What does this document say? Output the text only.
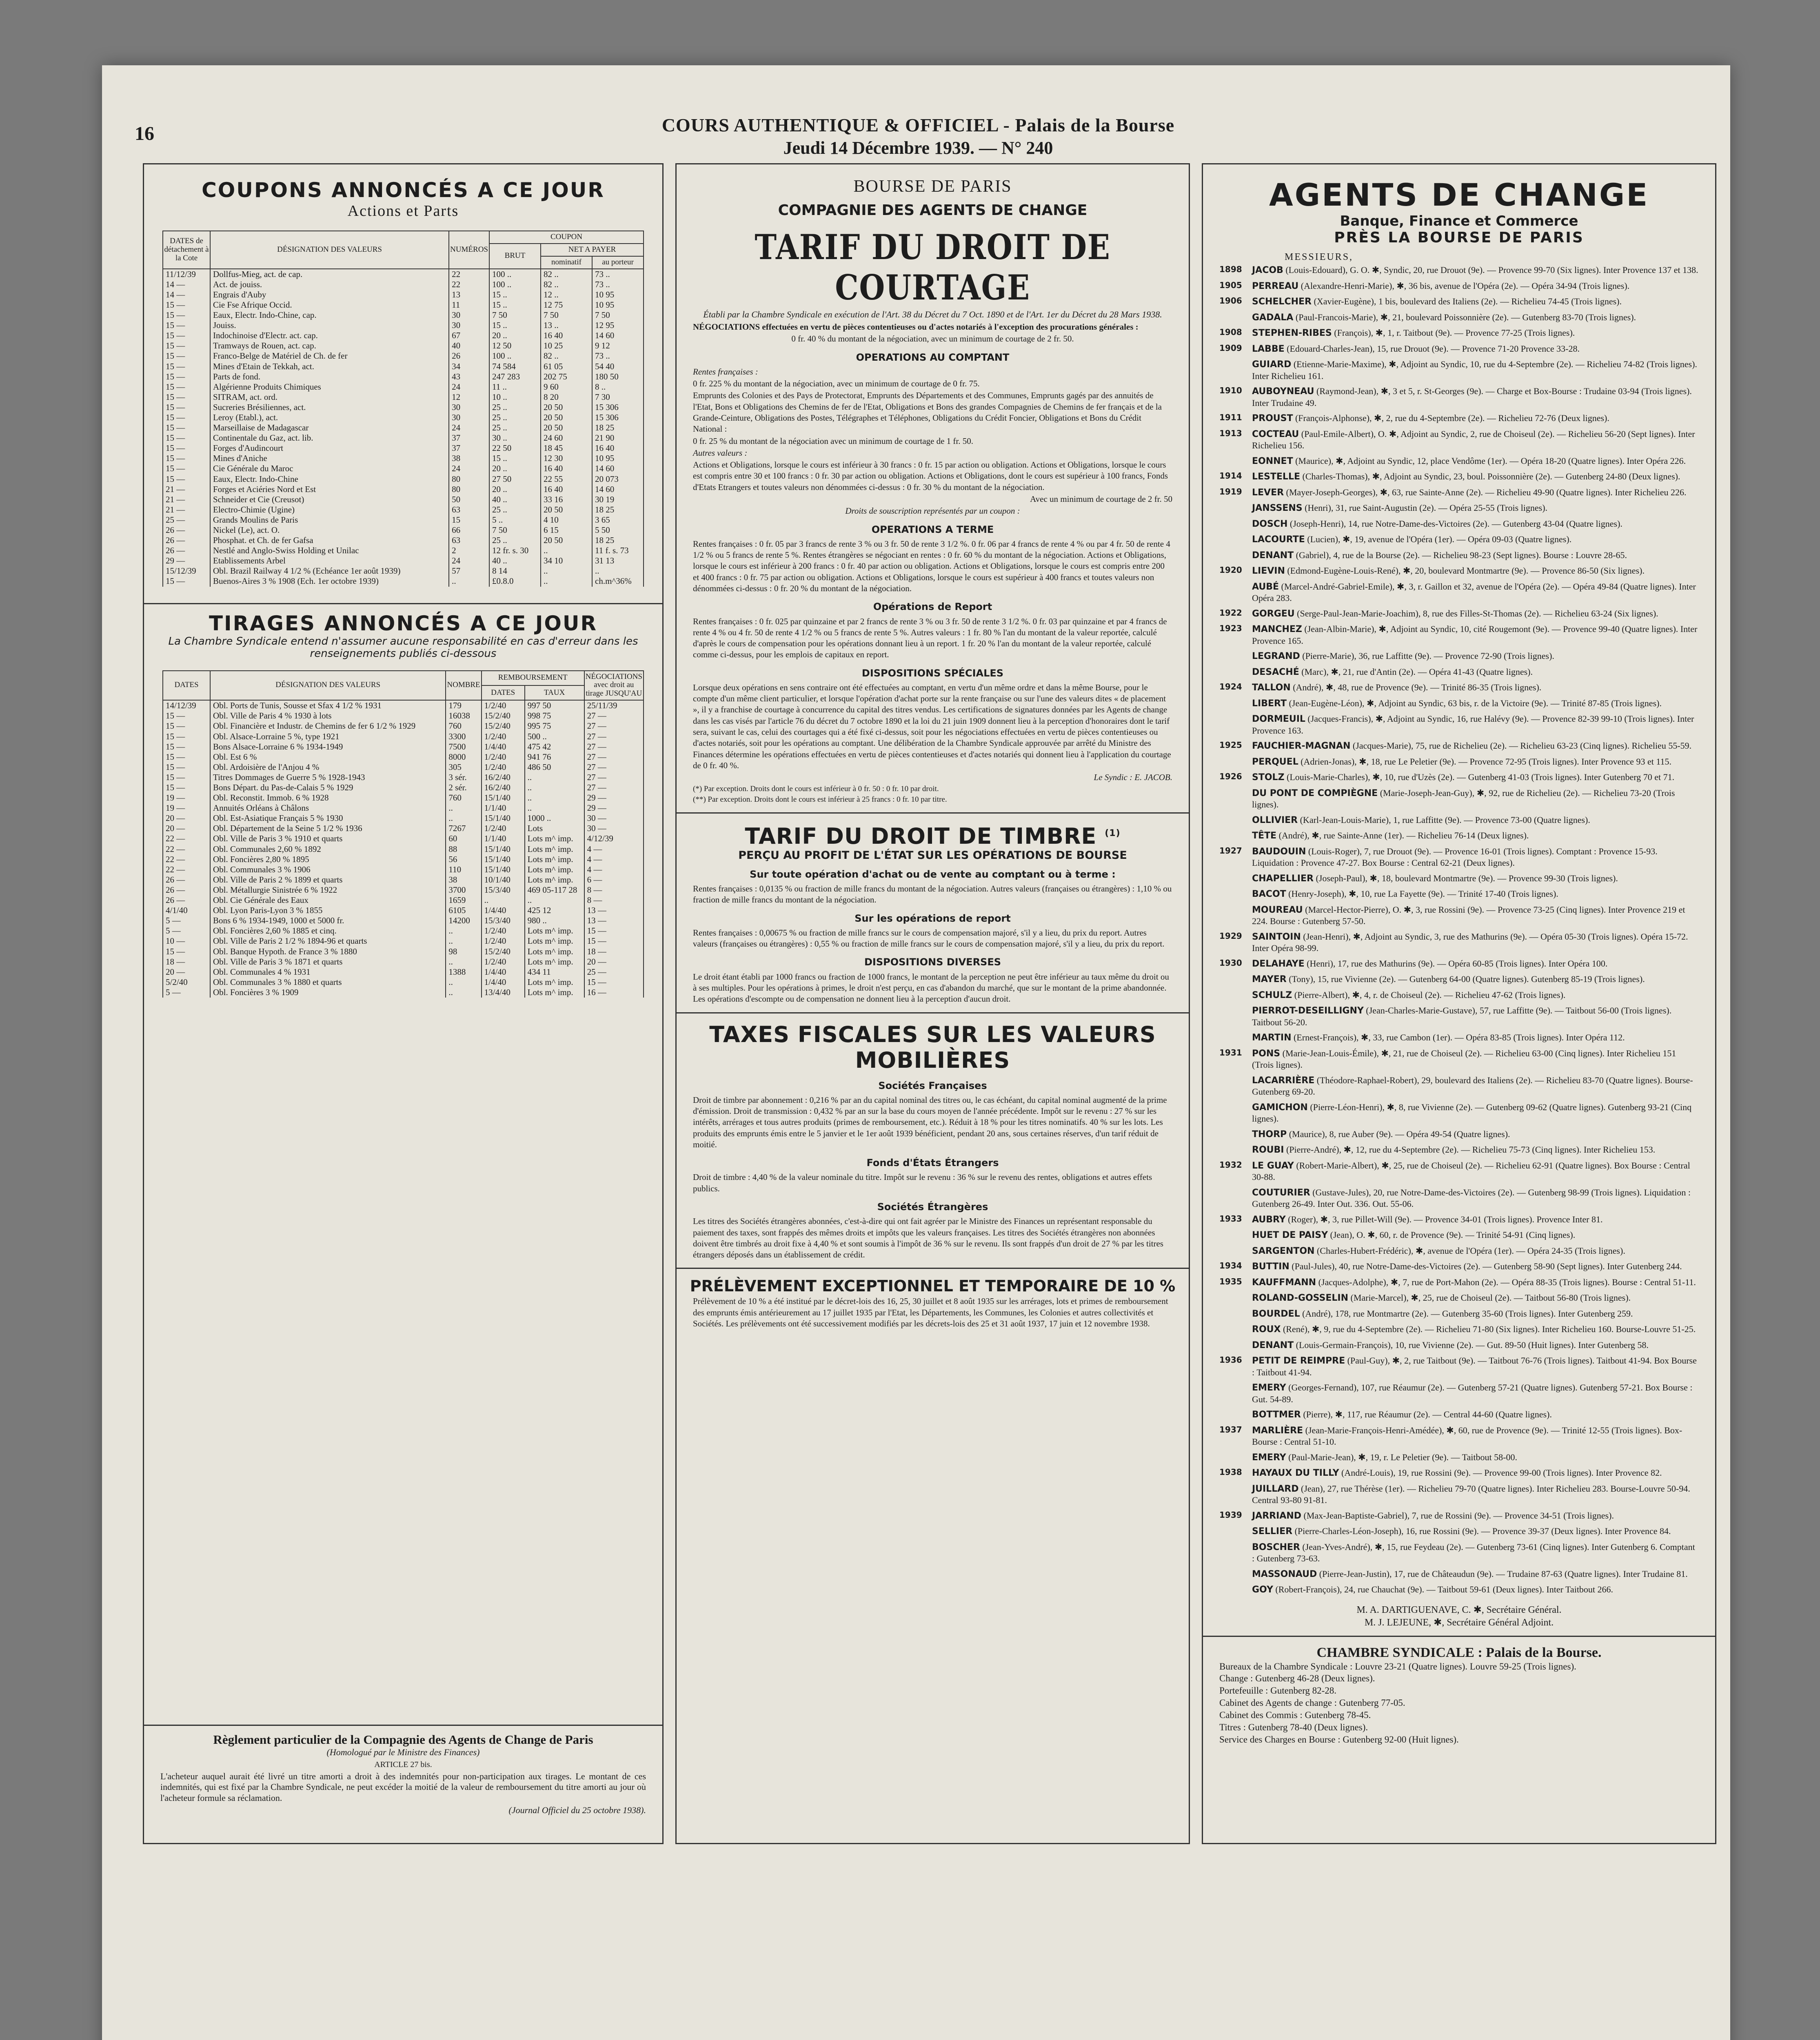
16	COURS AUTHENTIQUE & OFFICIEL - Palais de la Bourse
Jeudi 14 Décembre 1939. — N° 240
COUPONS ANNONCÉS A CE JOUR
Actions et Parts
DATES de détachement à la Cote	DÉSIGNATION DES VALEURS	NUMÉROS	COUPON		
			BRUT	NET A PAYER	
				nominatif	au porteur
11/12/39	Dollfus-Mieg, act. de cap.	22	100 ..	82 ..	73 ..
14 —	Act. de jouiss.	22	100 ..	82 ..	73 ..
14 —	Engrais d'Auby	13	15 ..	12 ..	10 95
15 —	Cie Fse Afrique Occid.	11	15 ..	12 75	10 95
15 —	Eaux, Electr. Indo-Chine, cap.	30	7 50	7 50	7 50
15 —	Jouiss.	30	15 ..	13 ..	12 95
15 —	Indochinoise d'Electr. act. cap.	67	20 ..	16 40	14 60
15 —	Tramways de Rouen, act. cap.	40	12 50	10 25	9 12
15 —	Franco-Belge de Matériel de Ch. de fer	26	100 ..	82 ..	73 ..
15 —	Mines d'Etain de Tekkah, act.	34	74 584	61 05	54 40
15 —	Parts de fond.	43	247 283	202 75	180 50
15 —	Algérienne Produits Chimiques	24	11 ..	9 60	8 ..
15 —	SITRAM, act. ord.	12	10 ..	8 20	7 30
15 —	Sucreries Brésiliennes, act.	30	25 ..	20 50	15 306
15 —	Leroy (Etabl.), act.	30	25 ..	20 50	15 306
15 —	Marseillaise de Madagascar	24	25 ..	20 50	18 25
15 —	Continentale du Gaz, act. lib.	37	30 ..	24 60	21 90
15 —	Forges d'Audincourt	37	22 50	18 45	16 40
15 —	Mines d'Aniche	38	15 ..	12 30	10 95
15 —	Cie Générale du Maroc	24	20 ..	16 40	14 60
15 —	Eaux, Electr. Indo-Chine	80	27 50	22 55	20 073
21 —	Forges et Aciéries Nord et Est	80	20 ..	16 40	14 60
21 —	Schneider et Cie (Creusot)	50	40 ..	33 16	30 19
21 —	Electro-Chimie (Ugine)	63	25 ..	20 50	18 25
25 —	Grands Moulins de Paris	15	5 ..	4 10	3 65
26 —	Nickel (Le), act. O.	66	7 50	6 15	5 50
26 —	Phosphat. et Ch. de fer Gafsa	63	25 ..	20 50	18 25
26 —	Nestlé and Anglo-Swiss Holding et Unilac	2	12 fr. s. 30	..	11 f. s. 73
29 —	Etablissements Arbel	24	40 ..	34 10	31 13
15/12/39	Obl. Brazil Railway 4 1/2 % (Echéance 1er août 1939)	57	8 14	..	..
15 —	Buenos-Aires 3 % 1908 (Ech. 1er octobre 1939)	..	£0.8.0	..	ch.m^36%
TIRAGES ANNONCÉS A CE JOUR
La Chambre Syndicale entend n'assumer aucune responsabilité en cas d'erreur dans les renseignements publiés ci-dessous
DATES	DÉSIGNATION DES VALEURS	NOMBRE	REMBOURSEMENT		NÉGOCIATIONS avec droit au tirage JUSQU'AU
			DATES	TAUX	
14/12/39	Obl. Ports de Tunis, Sousse et Sfax 4 1/2 % 1931	179	1/2/40	997 50	25/11/39
15 —	Obl. Ville de Paris 4 % 1930 à lots	16038	15/2/40	998 75	27 —
15 —	Obl. Financière et Industr. de Chemins de fer 6 1/2 % 1929	760	15/2/40	995 75	27 —
15 —	Obl. Alsace-Lorraine 5 %, type 1921	3300	1/2/40	500 ..	27 —
15 —	Bons Alsace-Lorraine 6 % 1934-1949	7500	1/4/40	475 42	27 —
15 —	Obl. Est 6 %	8000	1/2/40	941 76	27 —
15 —	Obl. Ardoisière de l'Anjou 4 %	305	1/2/40	486 50	27 —
15 —	Titres Dommages de Guerre 5 % 1928-1943	3 sér.	16/2/40	..	27 —
15 —	Bons Départ. du Pas-de-Calais 5 % 1929	2 sér.	16/2/40	..	27 —
19 —	Obl. Reconstit. Immob. 6 % 1928	760	15/1/40	..	29 —
19 —	Annuités Orléans à Châlons	..	1/1/40	..	29 —
20 —	Obl. Est-Asiatique Français 5 % 1930	..	15/1/40	1000 ..	30 —
20 —	Obl. Département de la Seine 5 1/2 % 1936	7267	1/2/40	Lots	30 —
22 —	Obl. Ville de Paris 3 % 1910 et quarts	60	1/1/40	Lots m^ imp.	4/12/39
22 —	Obl. Communales 2,60 % 1892	88	15/1/40	Lots m^ imp.	4 —
22 —	Obl. Foncières 2,80 % 1895	56	15/1/40	Lots m^ imp.	4 —
22 —	Obl. Communales 3 % 1906	110	15/1/40	Lots m^ imp.	4 —
26 —	Obl. Ville de Paris 2 % 1899 et quarts	38	10/1/40	Lots m^ imp.	6 —
26 —	Obl. Métallurgie Sinistrée 6 % 1922	3700	15/3/40	469 05-117 28	8 —
26 —	Obl. Cie Générale des Eaux	1659	..	..	8 —
4/1/40	Obl. Lyon Paris-Lyon 3 % 1855	6105	1/4/40	425 12	13 —
5 —	Bons 6 % 1934-1949, 1000 et 5000 fr.	14200	15/3/40	980 ..	13 —
5 —	Obl. Foncières 2,60 % 1885 et cinq.	..	1/2/40	Lots m^ imp.	15 —
10 —	Obl. Ville de Paris 2 1/2 % 1894-96 et quarts	..	1/2/40	Lots m^ imp.	15 —
15 —	Obl. Banque Hypoth. de France 3 % 1880	98	15/2/40	Lots m^ imp.	18 —
18 —	Obl. Ville de Paris 3 % 1871 et quarts	..	1/2/40	Lots m^ imp.	20 —
20 —	Obl. Communales 4 % 1931	1388	1/4/40	434 11	25 —
5/2/40	Obl. Communales 3 % 1880 et quarts	..	1/4/40	Lots m^ imp.	15 —
5 —	Obl. Foncières 3 % 1909	..	13/4/40	Lots m^ imp.	16 —
Règlement particulier de la Compagnie des Agents de Change de Paris
(Homologué par le Ministre des Finances)
ARTICLE 27 bis.

L'acheteur auquel aurait été livré un titre amorti a droit à des indemnités pour non-participation aux tirages. Le montant de ces indemnités, qui est fixé par la Chambre Syndicale, ne peut excéder la moitié de la valeur de remboursement du titre amorti au jour où l'acheteur formule sa réclamation.

(Journal Officiel du 25 octobre 1938).

BOURSE DE PARIS
COMPAGNIE DES AGENTS DE CHANGE
TARIF DU DROIT DE COURTAGE
Établi par la Chambre Syndicale en exécution de l'Art. 38 du Décret du 7 Oct. 1890 et de l'Art. 1er du Décret du 28 Mars 1938.

NÉGOCIATIONS effectuées en vertu de pièces contentieuses ou d'actes notariés à l'exception des procurations générales :

0 fr. 40 % du montant de la négociation, avec un minimum de courtage de 2 fr. 50.

OPERATIONS AU COMPTANT

Rentes françaises :

0 fr. 225 % du montant de la négociation, avec un minimum de courtage de 0 fr. 75.

Emprunts des Colonies et des Pays de Protectorat, Emprunts des Départements et des Communes, Emprunts gagés par des annuités de l'Etat, Bons et Obligations des Chemins de fer de l'Etat, Obligations et Bons des grandes Compagnies de Chemins de fer français et de la Grande-Ceinture, Obligations des Postes, Télégraphes et Téléphones, Obligations du Crédit Foncier, Obligations et Bons du Crédit National :

0 fr. 25 % du montant de la négociation avec un minimum de courtage de 1 fr. 50.

Autres valeurs :

Actions et Obligations, lorsque le cours est inférieur à 30 francs : 0 fr. 15 par action ou obligation. Actions et Obligations, lorsque le cours est compris entre 30 et 100 francs : 0 fr. 30 par action ou obligation. Actions et Obligations, dont le cours est supérieur à 100 francs, Fonds d'Etats Etrangers et toutes valeurs non dénommées ci-dessus : 0 fr. 30 % du montant de la négociation.

Avec un minimum de courtage de 2 fr. 50

Droits de souscription représentés par un coupon :

OPERATIONS A TERME

Rentes françaises : 0 fr. 05 par 3 francs de rente 3 % ou 3 fr. 50 de rente 3 1/2 %. 0 fr. 06 par 4 francs de rente 4 % ou par 4 fr. 50 de rente 4 1/2 % ou 5 francs de rente 5 %. Rentes étrangères se négociant en rentes : 0 fr. 60 % du montant de la négociation. Actions et Obligations, lorsque le cours est inférieur à 200 francs : 0 fr. 40 par action ou obligation. Actions et Obligations, lorsque le cours est compris entre 200 et 400 francs : 0 fr. 75 par action ou obligation. Actions et Obligations, lorsque le cours est supérieur à 400 francs et toutes valeurs non dénommées ci-dessus : 0 fr. 20 % du montant de la négociation.

Opérations de Report

Rentes françaises : 0 fr. 025 par quinzaine et par 2 francs de rente 3 % ou 3 fr. 50 de rente 3 1/2 %. 0 fr. 03 par quinzaine et par 4 francs de rente 4 % ou 4 fr. 50 de rente 4 1/2 % ou 5 francs de rente 5 %. Autres valeurs : 1 fr. 80 % l'an du montant de la valeur reportée, calculé d'après le cours de compensation pour les opérations donnant lieu à un report. 1 fr. 20 % l'an du montant de la valeur reportée, calculé comme ci-dessus, pour les emplois de capitaux en report.

DISPOSITIONS SPÉCIALES

Lorsque deux opérations en sens contraire ont été effectuées au comptant, en vertu d'un même ordre et dans la même Bourse, pour le compte d'un même client particulier, et lorsque l'opération d'achat porte sur la rente française ou sur l'une des valeurs dites « de placement », il y a franchise de courtage à concurrence du capital des titres vendus. Les certifications de signatures données par les Agents de change dans les cas visés par l'article 76 du décret du 7 octobre 1890 et la loi du 21 juin 1909 donnent lieu à la perception d'honoraires dont le tarif sera, suivant le cas, celui des courtages qui a été fixé ci-dessus, soit pour les négociations effectuées en vertu de pièces contentieuses ou d'actes notariés, soit pour les opérations au comptant. Une délibération de la Chambre Syndicale approuvée par arrêté du Ministre des Finances détermine les opérations effectuées en vertu de pièces contentieuses et d'actes notariés qui donnent lieu à l'application du courtage de 0 fr. 40 %.

Le Syndic : E. JACOB.

(*) Par exception. Droits dont le cours est inférieur à 0 fr. 50 : 0 fr. 10 par droit.

(**) Par exception. Droits dont le cours est inférieur à 25 francs : 0 fr. 10 par titre.

TARIF DU DROIT DE TIMBRE $^{(1)}$
PERÇU AU PROFIT DE L'ÉTAT SUR LES OPÉRATIONS DE BOURSE
Sur toute opération d'achat ou de vente au comptant ou à terme :

Rentes françaises : 0,0135 % ou fraction de mille francs du montant de la négociation. Autres valeurs (françaises ou étrangères) : 1,10 % ou fraction de mille francs du montant de la négociation.

Sur les opérations de report

Rentes françaises : 0,00675 % ou fraction de mille francs sur le cours de compensation majoré, s'il y a lieu, du prix du report. Autres valeurs (françaises ou étrangères) : 0,55 % ou fraction de mille francs sur le cours de compensation majoré, s'il y a lieu, du prix du report.

DISPOSITIONS DIVERSES

Le droit étant établi par 1000 francs ou fraction de 1000 francs, le montant de la perception ne peut être inférieur au taux même du droit ou à ses multiples. Pour les opérations à primes, le droit n'est perçu, en cas d'abandon du marché, que sur le montant de la prime abandonnée. Les opérations d'escompte ou de compensation ne donnent lieu à la perception d'aucun droit.

TAXES FISCALES SUR LES VALEURS MOBILIÈRES
Sociétés Françaises

Droit de timbre par abonnement : 0,216 % par an du capital nominal des titres ou, le cas échéant, du capital nominal augmenté de la prime d'émission. Droit de transmission : 0,432 % par an sur la base du cours moyen de l'année précédente. Impôt sur le revenu : 27 % sur les intérêts, arrérages et tous autres produits (primes de remboursement, etc.). Réduit à 18 % pour les titres nominatifs. 40 % sur les lots. Les produits des emprunts émis entre le 5 janvier et le 1er août 1939 bénéficient, pendant 20 ans, sous certaines réserves, d'un tarif réduit de moitié.

Fonds d'États Étrangers

Droit de timbre : 4,40 % de la valeur nominale du titre. Impôt sur le revenu : 36 % sur le revenu des rentes, obligations et autres effets publics.

Sociétés Étrangères

Les titres des Sociétés étrangères abonnées, c'est-à-dire qui ont fait agréer par le Ministre des Finances un représentant responsable du paiement des taxes, sont frappés des mêmes droits et impôts que les valeurs françaises. Les titres des Sociétés étrangères non abonnées doivent être timbrés au droit fixe à 4,40 % et sont soumis à l'impôt de 36 % sur le revenu. Ils sont frappés d'un droit de 27 % par les titres étrangers déposés dans un établissement de crédit.

PRÉLÈVEMENT EXCEPTIONNEL ET TEMPORAIRE DE 10 %

Prélèvement de 10 % a été institué par le décret-lois des 16, 25, 30 juillet et 8 août 1935 sur les arrérages, lots et primes de remboursement des emprunts émis antérieurement au 17 juillet 1935 par l'Etat, les Départements, les Communes, les Colonies et autres collectivités et Sociétés. Les prélèvements ont été successivement modifiés par les décrets-lois des 25 et 31 août 1937, 17 juin et 12 novembre 1938.

AGENTS DE CHANGE
Banque, Finance et Commerce
PRÈS LA BOURSE DE PARIS
MESSIEURS,
1898	JACOB (Louis-Edouard), G. O. ✱, Syndic, 20, rue Drouot (9e). — Provence 99-70 (Six lignes). Inter Provence 137 et 138.
1905	PERREAU (Alexandre-Henri-Marie), ✱, 36 bis, avenue de l'Opéra (2e). — Opéra 34-94 (Trois lignes).
1906	SCHELCHER (Xavier-Eugène), 1 bis, boulevard des Italiens (2e). — Richelieu 74-45 (Trois lignes).
GADALA (Paul-Francois-Marie), ✱, 21, boulevard Poissonnière (2e). — Gutenberg 83-70 (Trois lignes).
1908	STEPHEN-RIBES (François), ✱, 1, r. Taitbout (9e). — Provence 77-25 (Trois lignes).
1909	LABBE (Edouard-Charles-Jean), 15, rue Drouot (9e). — Provence 71-20 Provence 33-28.
GUIARD (Etienne-Marie-Maxime), ✱, Adjoint au Syndic, 10, rue du 4-Septembre (2e). — Richelieu 74-82 (Trois lignes). Inter Richelieu 161.
1910	AUBOYNEAU (Raymond-Jean), ✱, 3 et 5, r. St-Georges (9e). — Charge et Box-Bourse : Trudaine 03-94 (Trois lignes). Inter Trudaine 49.
1911	PROUST (François-Alphonse), ✱, 2, rue du 4-Septembre (2e). — Richelieu 72-76 (Deux lignes).
1913	COCTEAU (Paul-Emile-Albert), O. ✱, Adjoint au Syndic, 2, rue de Choiseul (2e). — Richelieu 56-20 (Sept lignes). Inter Richelieu 156.
EONNET (Maurice), ✱, Adjoint au Syndic, 12, place Vendôme (1er). — Opéra 18-20 (Quatre lignes). Inter Opéra 226.
1914	LESTELLE (Charles-Thomas), ✱, Adjoint au Syndic, 23, boul. Poissonnière (2e). — Gutenberg 24-80 (Deux lignes).
1919	LEVER (Mayer-Joseph-Georges), ✱, 63, rue Sainte-Anne (2e). — Richelieu 49-90 (Quatre lignes). Inter Richelieu 226.
JANSSENS (Henri), 31, rue Saint-Augustin (2e). — Opéra 25-55 (Trois lignes).
DOSCH (Joseph-Henri), 14, rue Notre-Dame-des-Victoires (2e). — Gutenberg 43-04 (Quatre lignes).
LACOURTE (Lucien), ✱, 19, avenue de l'Opéra (1er). — Opéra 09-03 (Quatre lignes).
DENANT (Gabriel), 4, rue de la Bourse (2e). — Richelieu 98-23 (Sept lignes). Bourse : Louvre 28-65.
1920	LIEVIN (Edmond-Eugène-Louis-René), ✱, 20, boulevard Montmartre (9e). — Provence 86-50 (Six lignes).
AUBÉ (Marcel-André-Gabriel-Emile), ✱, 3, r. Gaillon et 32, avenue de l'Opéra (2e). — Opéra 49-84 (Quatre lignes). Inter Opéra 283.
1922	GORGEU (Serge-Paul-Jean-Marie-Joachim), 8, rue des Filles-St-Thomas (2e). — Richelieu 63-24 (Six lignes).
1923	MANCHEZ (Jean-Albin-Marie), ✱, Adjoint au Syndic, 10, cité Rougemont (9e). — Provence 99-40 (Quatre lignes). Inter Provence 165.
LEGRAND (Pierre-Marie), 36, rue Laffitte (9e). — Provence 72-90 (Trois lignes).
DESACHÉ (Marc), ✱, 21, rue d'Antin (2e). — Opéra 41-43 (Quatre lignes).
1924	TALLON (André), ✱, 48, rue de Provence (9e). — Trinité 86-35 (Trois lignes).
LIBERT (Jean-Eugène-Léon), ✱, Adjoint au Syndic, 63 bis, r. de la Victoire (9e). — Trinité 87-85 (Trois lignes).
DORMEUIL (Jacques-Francis), ✱, Adjoint au Syndic, 16, rue Halévy (9e). — Provence 82-39 99-10 (Trois lignes). Inter Provence 163.
1925	FAUCHIER-MAGNAN (Jacques-Marie), 75, rue de Richelieu (2e). — Richelieu 63-23 (Cinq lignes). Richelieu 55-59.
PERQUEL (Adrien-Jonas), ✱, 18, rue Le Peletier (9e). — Provence 72-95 (Trois lignes). Inter Provence 93 et 115.
1926	STOLZ (Louis-Marie-Charles), ✱, 10, rue d'Uzès (2e). — Gutenberg 41-03 (Trois lignes). Inter Gutenberg 70 et 71.
DU PONT DE COMPIÈGNE (Marie-Joseph-Jean-Guy), ✱, 92, rue de Richelieu (2e). — Richelieu 73-20 (Trois lignes).
OLLIVIER (Karl-Jean-Louis-Marie), 1, rue Laffitte (9e). — Provence 73-00 (Quatre lignes).
TÊTE (André), ✱, rue Sainte-Anne (1er). — Richelieu 76-14 (Deux lignes).
1927	BAUDOUIN (Louis-Roger), 7, rue Drouot (9e). — Provence 16-01 (Trois lignes). Comptant : Provence 15-93. Liquidation : Provence 47-27. Box Bourse : Central 62-21 (Deux lignes).
CHAPELLIER (Joseph-Paul), ✱, 18, boulevard Montmartre (9e). — Provence 99-30 (Trois lignes).
BACOT (Henry-Joseph), ✱, 10, rue La Fayette (9e). — Trinité 17-40 (Trois lignes).
MOUREAU (Marcel-Hector-Pierre), O. ✱, 3, rue Rossini (9e). — Provence 73-25 (Cinq lignes). Inter Provence 219 et 224. Bourse : Gutenberg 57-50.
1929	SAINTOIN (Jean-Henri), ✱, Adjoint au Syndic, 3, rue des Mathurins (9e). — Opéra 05-30 (Trois lignes). Opéra 15-72. Inter Opéra 98-99.
1930	DELAHAYE (Henri), 17, rue des Mathurins (9e). — Opéra 60-85 (Trois lignes). Inter Opéra 100.
MAYER (Tony), 15, rue Vivienne (2e). — Gutenberg 64-00 (Quatre lignes). Gutenberg 85-19 (Trois lignes).
SCHULZ (Pierre-Albert), ✱, 4, r. de Choiseul (2e). — Richelieu 47-62 (Trois lignes).
PIERROT-DESEILLIGNY (Jean-Charles-Marie-Gustave), 57, rue Laffitte (9e). — Taitbout 56-00 (Trois lignes). Taitbout 56-20.
MARTIN (Ernest-François), ✱, 33, rue Cambon (1er). — Opéra 83-85 (Trois lignes). Inter Opéra 112.
1931	PONS (Marie-Jean-Louis-Émile), ✱, 21, rue de Choiseul (2e). — Richelieu 63-00 (Cinq lignes). Inter Richelieu 151 (Trois lignes).
LACARRIÈRE (Théodore-Raphael-Robert), 29, boulevard des Italiens (2e). — Richelieu 83-70 (Quatre lignes). Bourse-Gutenberg 69-20.
GAMICHON (Pierre-Léon-Henri), ✱, 8, rue Vivienne (2e). — Gutenberg 09-62 (Quatre lignes). Gutenberg 93-21 (Cinq lignes).
THORP (Maurice), 8, rue Auber (9e). — Opéra 49-54 (Quatre lignes).
ROUBI (Pierre-André), ✱, 12, rue du 4-Septembre (2e). — Richelieu 75-73 (Cinq lignes). Inter Richelieu 153.
1932	LE GUAY (Robert-Marie-Albert), ✱, 25, rue de Choiseul (2e). — Richelieu 62-91 (Quatre lignes). Box Bourse : Central 30-88.
COUTURIER (Gustave-Jules), 20, rue Notre-Dame-des-Victoires (2e). — Gutenberg 98-99 (Trois lignes). Liquidation : Gutenberg 26-49. Inter Out. 336. Out. 55-06.
1933	AUBRY (Roger), ✱, 3, rue Pillet-Will (9e). — Provence 34-01 (Trois lignes). Provence Inter 81.
HUET DE PAISY (Jean), O. ✱, 60, r. de Provence (9e). — Trinité 54-91 (Cinq lignes).
SARGENTON (Charles-Hubert-Frédéric), ✱, avenue de l'Opéra (1er). — Opéra 24-35 (Trois lignes).
1934	BUTTIN (Paul-Jules), 40, rue Notre-Dame-des-Victoires (2e). — Gutenberg 58-90 (Sept lignes). Inter Gutenberg 244.
1935	KAUFFMANN (Jacques-Adolphe), ✱, 7, rue de Port-Mahon (2e). — Opéra 88-35 (Trois lignes). Bourse : Central 51-11.
ROLAND-GOSSELIN (Marie-Marcel), ✱, 25, rue de Choiseul (2e). — Taitbout 56-80 (Trois lignes).
BOURDEL (André), 178, rue Montmartre (2e). — Gutenberg 35-60 (Trois lignes). Inter Gutenberg 259.
ROUX (René), ✱, 9, rue du 4-Septembre (2e). — Richelieu 71-80 (Six lignes). Inter Richelieu 160. Bourse-Louvre 51-25.
DENANT (Louis-Germain-François), 10, rue Vivienne (2e). — Gut. 89-50 (Huit lignes). Inter Gutenberg 58.
1936	PETIT DE REIMPRE (Paul-Guy), ✱, 2, rue Taitbout (9e). — Taitbout 76-76 (Trois lignes). Taitbout 41-94. Box Bourse : Taitbout 41-94.
EMERY (Georges-Fernand), 107, rue Réaumur (2e). — Gutenberg 57-21 (Quatre lignes). Gutenberg 57-21. Box Bourse : Gut. 54-89.
BOTTMER (Pierre), ✱, 117, rue Réaumur (2e). — Central 44-60 (Quatre lignes).
1937	MARLIÈRE (Jean-Marie-François-Henri-Amédée), ✱, 60, rue de Provence (9e). — Trinité 12-55 (Trois lignes). Box-Bourse : Central 51-10.
EMERY (Paul-Marie-Jean), ✱, 19, r. Le Peletier (9e). — Taitbout 58-00.
1938	HAYAUX DU TILLY (André-Louis), 19, rue Rossini (9e). — Provence 99-00 (Trois lignes). Inter Provence 82.
JUILLARD (Jean), 27, rue Thérèse (1er). — Richelieu 79-70 (Quatre lignes). Inter Richelieu 283. Bourse-Louvre 50-94. Central 93-80 91-81.
1939	JARRIAND (Max-Jean-Baptiste-Gabriel), 7, rue de Rossini (9e). — Provence 34-51 (Trois lignes).
SELLIER (Pierre-Charles-Léon-Joseph), 16, rue Rossini (9e). — Provence 39-37 (Deux lignes). Inter Provence 84.
BOSCHER (Jean-Yves-André), ✱, 15, rue Feydeau (2e). — Gutenberg 73-61 (Cinq lignes). Inter Gutenberg 6. Comptant : Gutenberg 73-63.
MASSONAUD (Pierre-Jean-Justin), 17, rue de Châteaudun (9e). — Trudaine 87-63 (Quatre lignes). Inter Trudaine 81.
GOY (Robert-François), 24, rue Chauchat (9e). — Taitbout 59-61 (Deux lignes). Inter Taitbout 266.
M. A. DARTIGUENAVE, C. ✱, Secrétaire Général.
M. J. LEJEUNE, ✱, Secrétaire Général Adjoint.
CHAMBRE SYNDICALE : Palais de la Bourse.
Bureaux de la Chambre Syndicale : Louvre 23-21 (Quatre lignes). Louvre 59-25 (Trois lignes).
Change : Gutenberg 46-28 (Deux lignes).
Portefeuille : Gutenberg 82-28.
Cabinet des Agents de change : Gutenberg 77-05.
Cabinet des Commis : Gutenberg 78-45.
Titres : Gutenberg 78-40 (Deux lignes).
Service des Charges en Bourse : Gutenberg 92-00 (Huit lignes).
